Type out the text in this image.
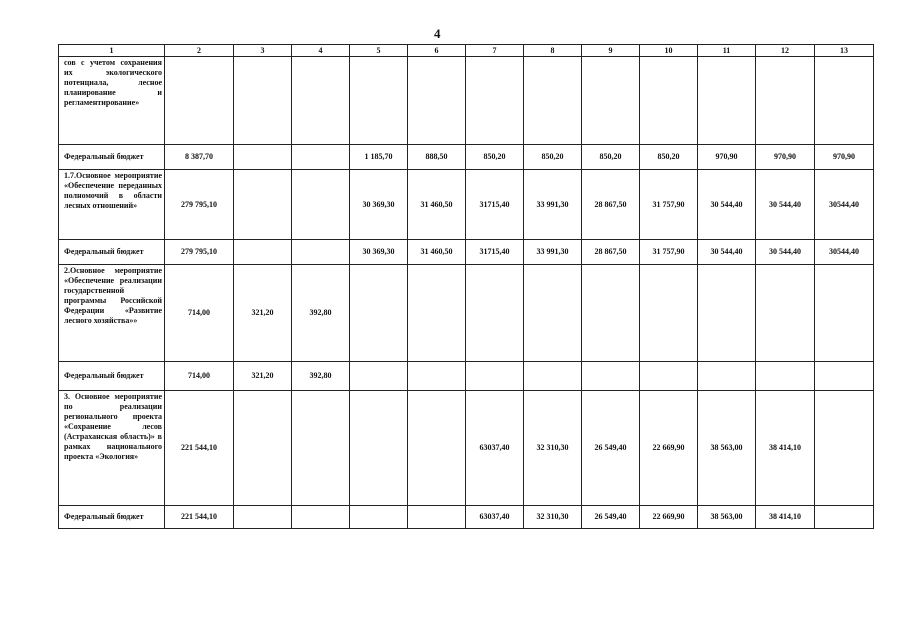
4
1	2	3	4	5	6	7	8	9	10	11	12	13
сов с учетом сохранения их экологического потенциала, лесное планирование и регламентирование»												
Федеральный бюджет	8 387,70			1 185,70	888,50	850,20	850,20	850,20	850,20	970,90	970,90	970,90
1.7.Основное мероприятие «Обеспечение переданных полномочий в области лесных отношений»	279 795,10			30 369,30	31 460,50	31715,40	33 991,30	28 867,50	31 757,90	30 544,40	30 544,40	30544,40
Федеральный бюджет	279 795,10			30 369,30	31 460,50	31715,40	33 991,30	28 867,50	31 757,90	30 544,40	30 544,40	30544,40
2.Основное мероприятие «Обеспечение реализации государственной программы Российской Федерации «Развитие лесного хозяйства»»	714,00	321,20	392,80									
Федеральный бюджет	714,00	321,20	392,80									
3. Основное мероприятие по реализации регионального проекта «Сохранение лесов (Астраханская область)» в рамках национального проекта «Экология»	221 544,10					63037,40	32 310,30	26 549,40	22 669,90	38 563,00	38 414,10	
Федеральный бюджет	221 544,10					63037,40	32 310,30	26 549,40	22 669,90	38 563,00	38 414,10	
